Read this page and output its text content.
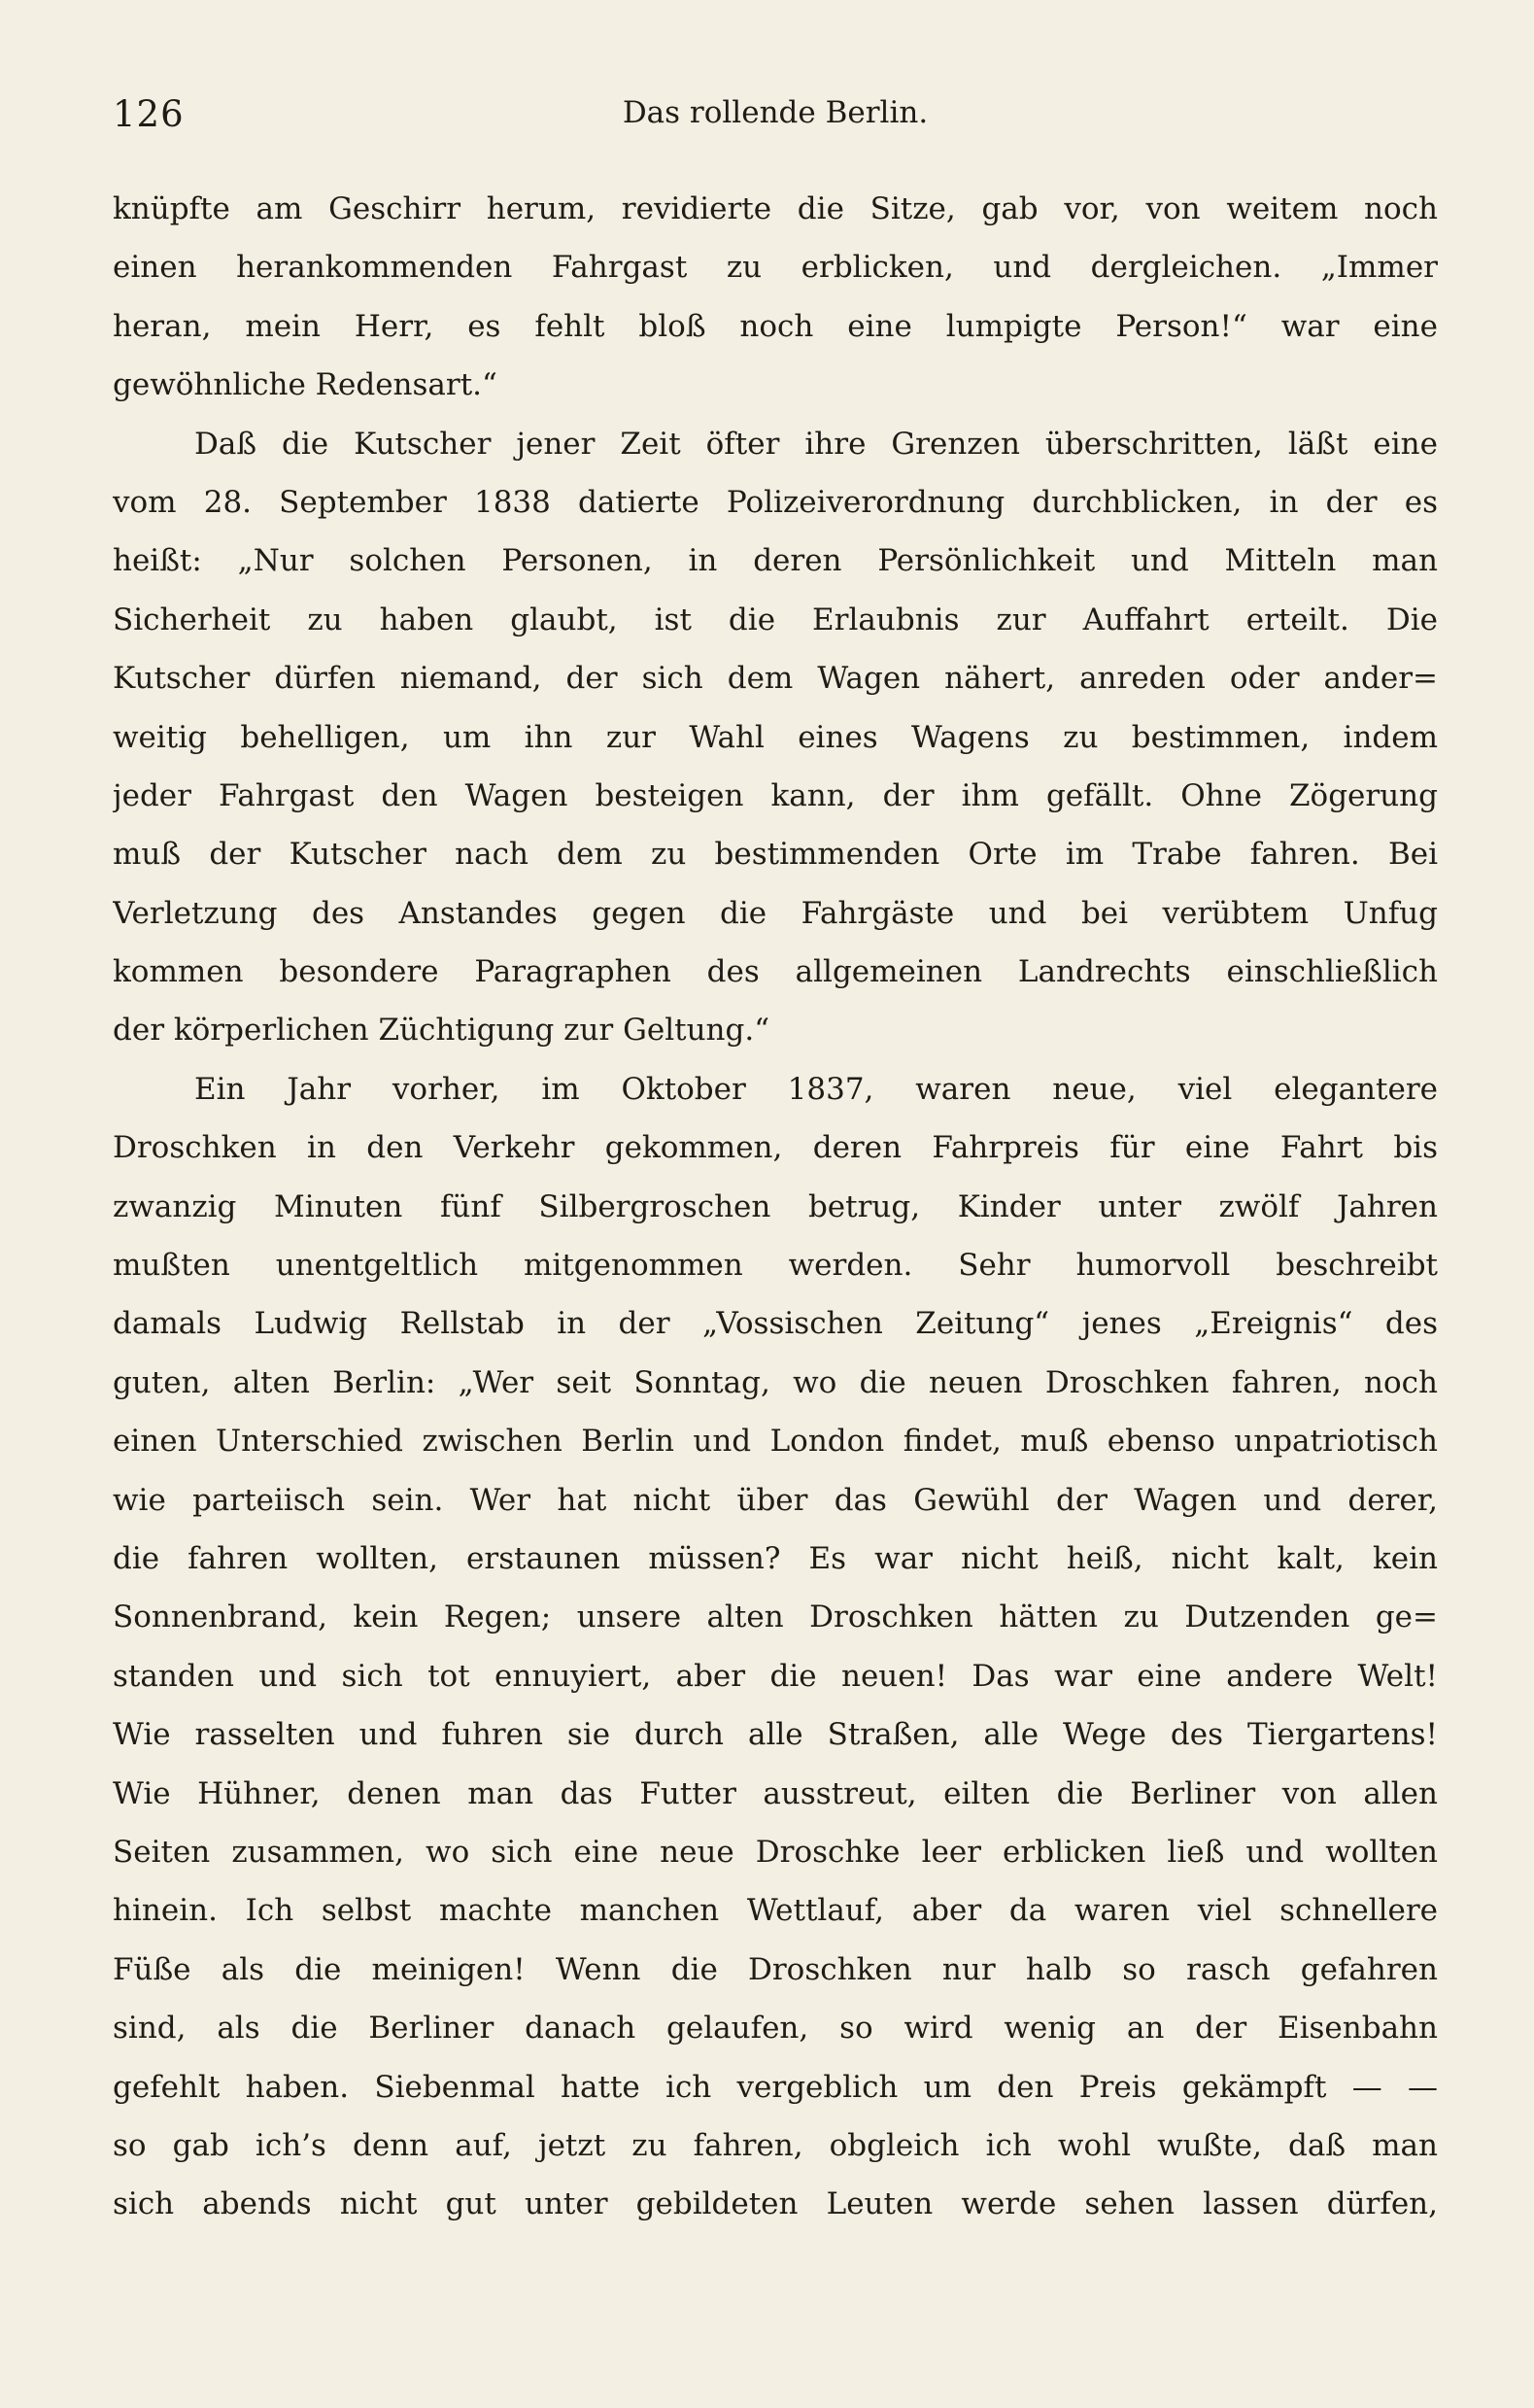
126	Das rollende Berlin.
knüpfte am Geschirr herum, revidierte die Sitze, gab vor, von weitem noch
einen herankommenden Fahrgast zu erblicken, und dergleichen. „Immer
heran, mein Herr, es fehlt bloß noch eine lumpigte Person!“ war eine
gewöhnliche Redensart.“
Daß die Kutscher jener Zeit öfter ihre Grenzen überschritten, läßt eine
vom 28. September 1838 datierte Polizeiverordnung durchblicken, in der es
heißt: „Nur solchen Personen, in deren Persönlichkeit und Mitteln man
Sicherheit zu haben glaubt, ist die Erlaubnis zur Auffahrt erteilt. Die
Kutscher dürfen niemand, der sich dem Wagen nähert, anreden oder ander=
weitig behelligen, um ihn zur Wahl eines Wagens zu bestimmen, indem
jeder Fahrgast den Wagen besteigen kann, der ihm gefällt. Ohne Zögerung
muß der Kutscher nach dem zu bestimmenden Orte im Trabe fahren. Bei
Verletzung des Anstandes gegen die Fahrgäste und bei verübtem Unfug
kommen besondere Paragraphen des allgemeinen Landrechts einschließlich
der körperlichen Züchtigung zur Geltung.“
Ein Jahr vorher, im Oktober 1837, waren neue, viel elegantere
Droschken in den Verkehr gekommen, deren Fahrpreis für eine Fahrt bis
zwanzig Minuten fünf Silbergroschen betrug, Kinder unter zwölf Jahren
mußten unentgeltlich mitgenommen werden. Sehr humorvoll beschreibt
damals Ludwig Rellstab in der „Vossischen Zeitung“ jenes „Ereignis“ des
guten, alten Berlin: „Wer seit Sonntag, wo die neuen Droschken fahren, noch
einen Unterschied zwischen Berlin und London findet, muß ebenso unpatriotisch
wie parteiisch sein. Wer hat nicht über das Gewühl der Wagen und derer,
die fahren wollten, erstaunen müssen? Es war nicht heiß, nicht kalt, kein
Sonnenbrand, kein Regen; unsere alten Droschken hätten zu Dutzenden ge=
standen und sich tot ennuyiert, aber die neuen! Das war eine andere Welt!
Wie rasselten und fuhren sie durch alle Straßen, alle Wege des Tiergartens!
Wie Hühner, denen man das Futter ausstreut, eilten die Berliner von allen
Seiten zusammen, wo sich eine neue Droschke leer erblicken ließ und wollten
hinein. Ich selbst machte manchen Wettlauf, aber da waren viel schnellere
Füße als die meinigen! Wenn die Droschken nur halb so rasch gefahren
sind, als die Berliner danach gelaufen, so wird wenig an der Eisenbahn
gefehlt haben. Siebenmal hatte ich vergeblich um den Preis gekämpft — —
so gab ich’s denn auf, jetzt zu fahren, obgleich ich wohl wußte, daß man
sich abends nicht gut unter gebildeten Leuten werde sehen lassen dürfen,
